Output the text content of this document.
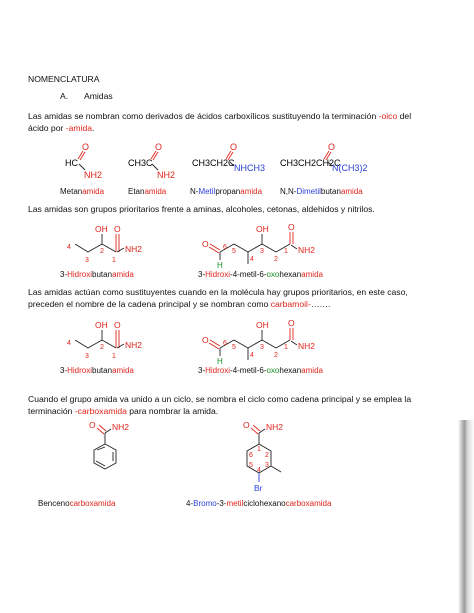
NOMENCLATURA
A. Amidas
Las amidas se nombran como derivados de ácidos carboxílicos sustituyendo la terminación -oico del
ácido por -amida.
HC
O
NH2
CH3C
O
NH2
CH3CH2C
O
NHCH3 CH3CH2CH2C
O
N(CH3)2
Metanamida	Etanamida	N-Metilpropanamida N,N-Dimetilbutanamida
Las amidas son grupos prioritarios frente a aminas, alcoholes, cetonas, aldehidos y nitrilos.
OH O
NH2
4
3
2
1
3-Hidroxibutanamida
O
H
OH O
NH2
6
5
4
3
2
1
3-Hidroxi-4-metil-6-oxohexanamida
Las amidas actúan como sustituyentes cuando en la molécula hay grupos prioritarios, en este caso,
preceden el nombre de la cadena principal y se nombran como carbamoil-…….
OH O
NH2
4
3
2
1
3-Hidroxibutanamida
O
H
OH O
NH2
6
5
4
3
2
1
3-Hidroxi-4-metil-6-oxohexanamida
Cuando el grupo amida va unido a un ciclo, se nombra el ciclo como cadena principal y se emplea la
terminación -carboxamida para nombrar la amida.
O NH2
Bencenocarboxamida
O NH2
Br
1
2
3
4
5
6
4-Bromo-3-metilciclohexanocarboxamida
